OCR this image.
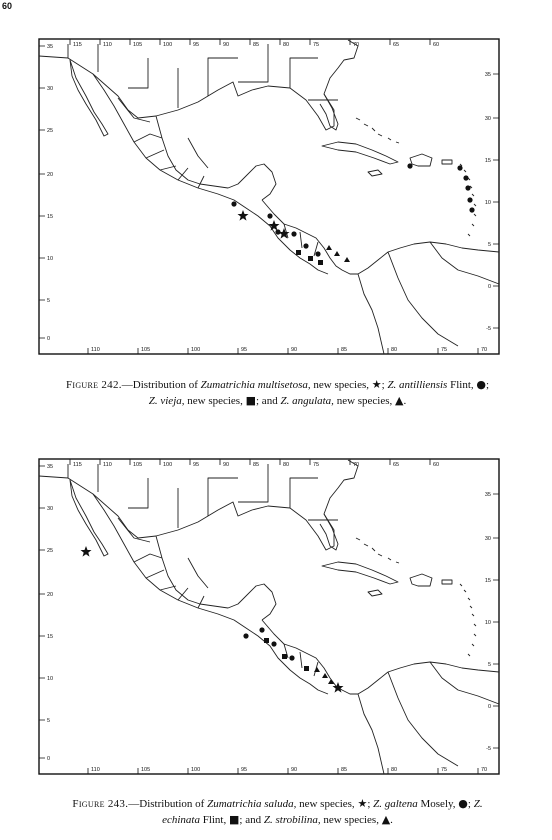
60
115	110	105	100	95	90	85	80	75	70	65	60
110	105	100	95	90	85	80	75	70
35
30
25
20
15
10
5
0
35
30
15
10
5
0
-5
Figure 242.—Distribution of Zumatrichia multisetosa, new species, ★; Z. antilliensis Flint, ●;
Z. vieja, new species, ■; and Z. angulata, new species, ▲.
115	110	105	100	95	90	85	80	75	70	65	60
110	105	100	95	90	85	80	75	70
35
30
25
20
15
10
5
0
35
30
15
10
5
0
-5
Figure 243.—Distribution of Zumatrichia saluda, new species, ★; Z. galtena Mosely, ●; Z.
echinata Flint, ■; and Z. strobilina, new species, ▲.
